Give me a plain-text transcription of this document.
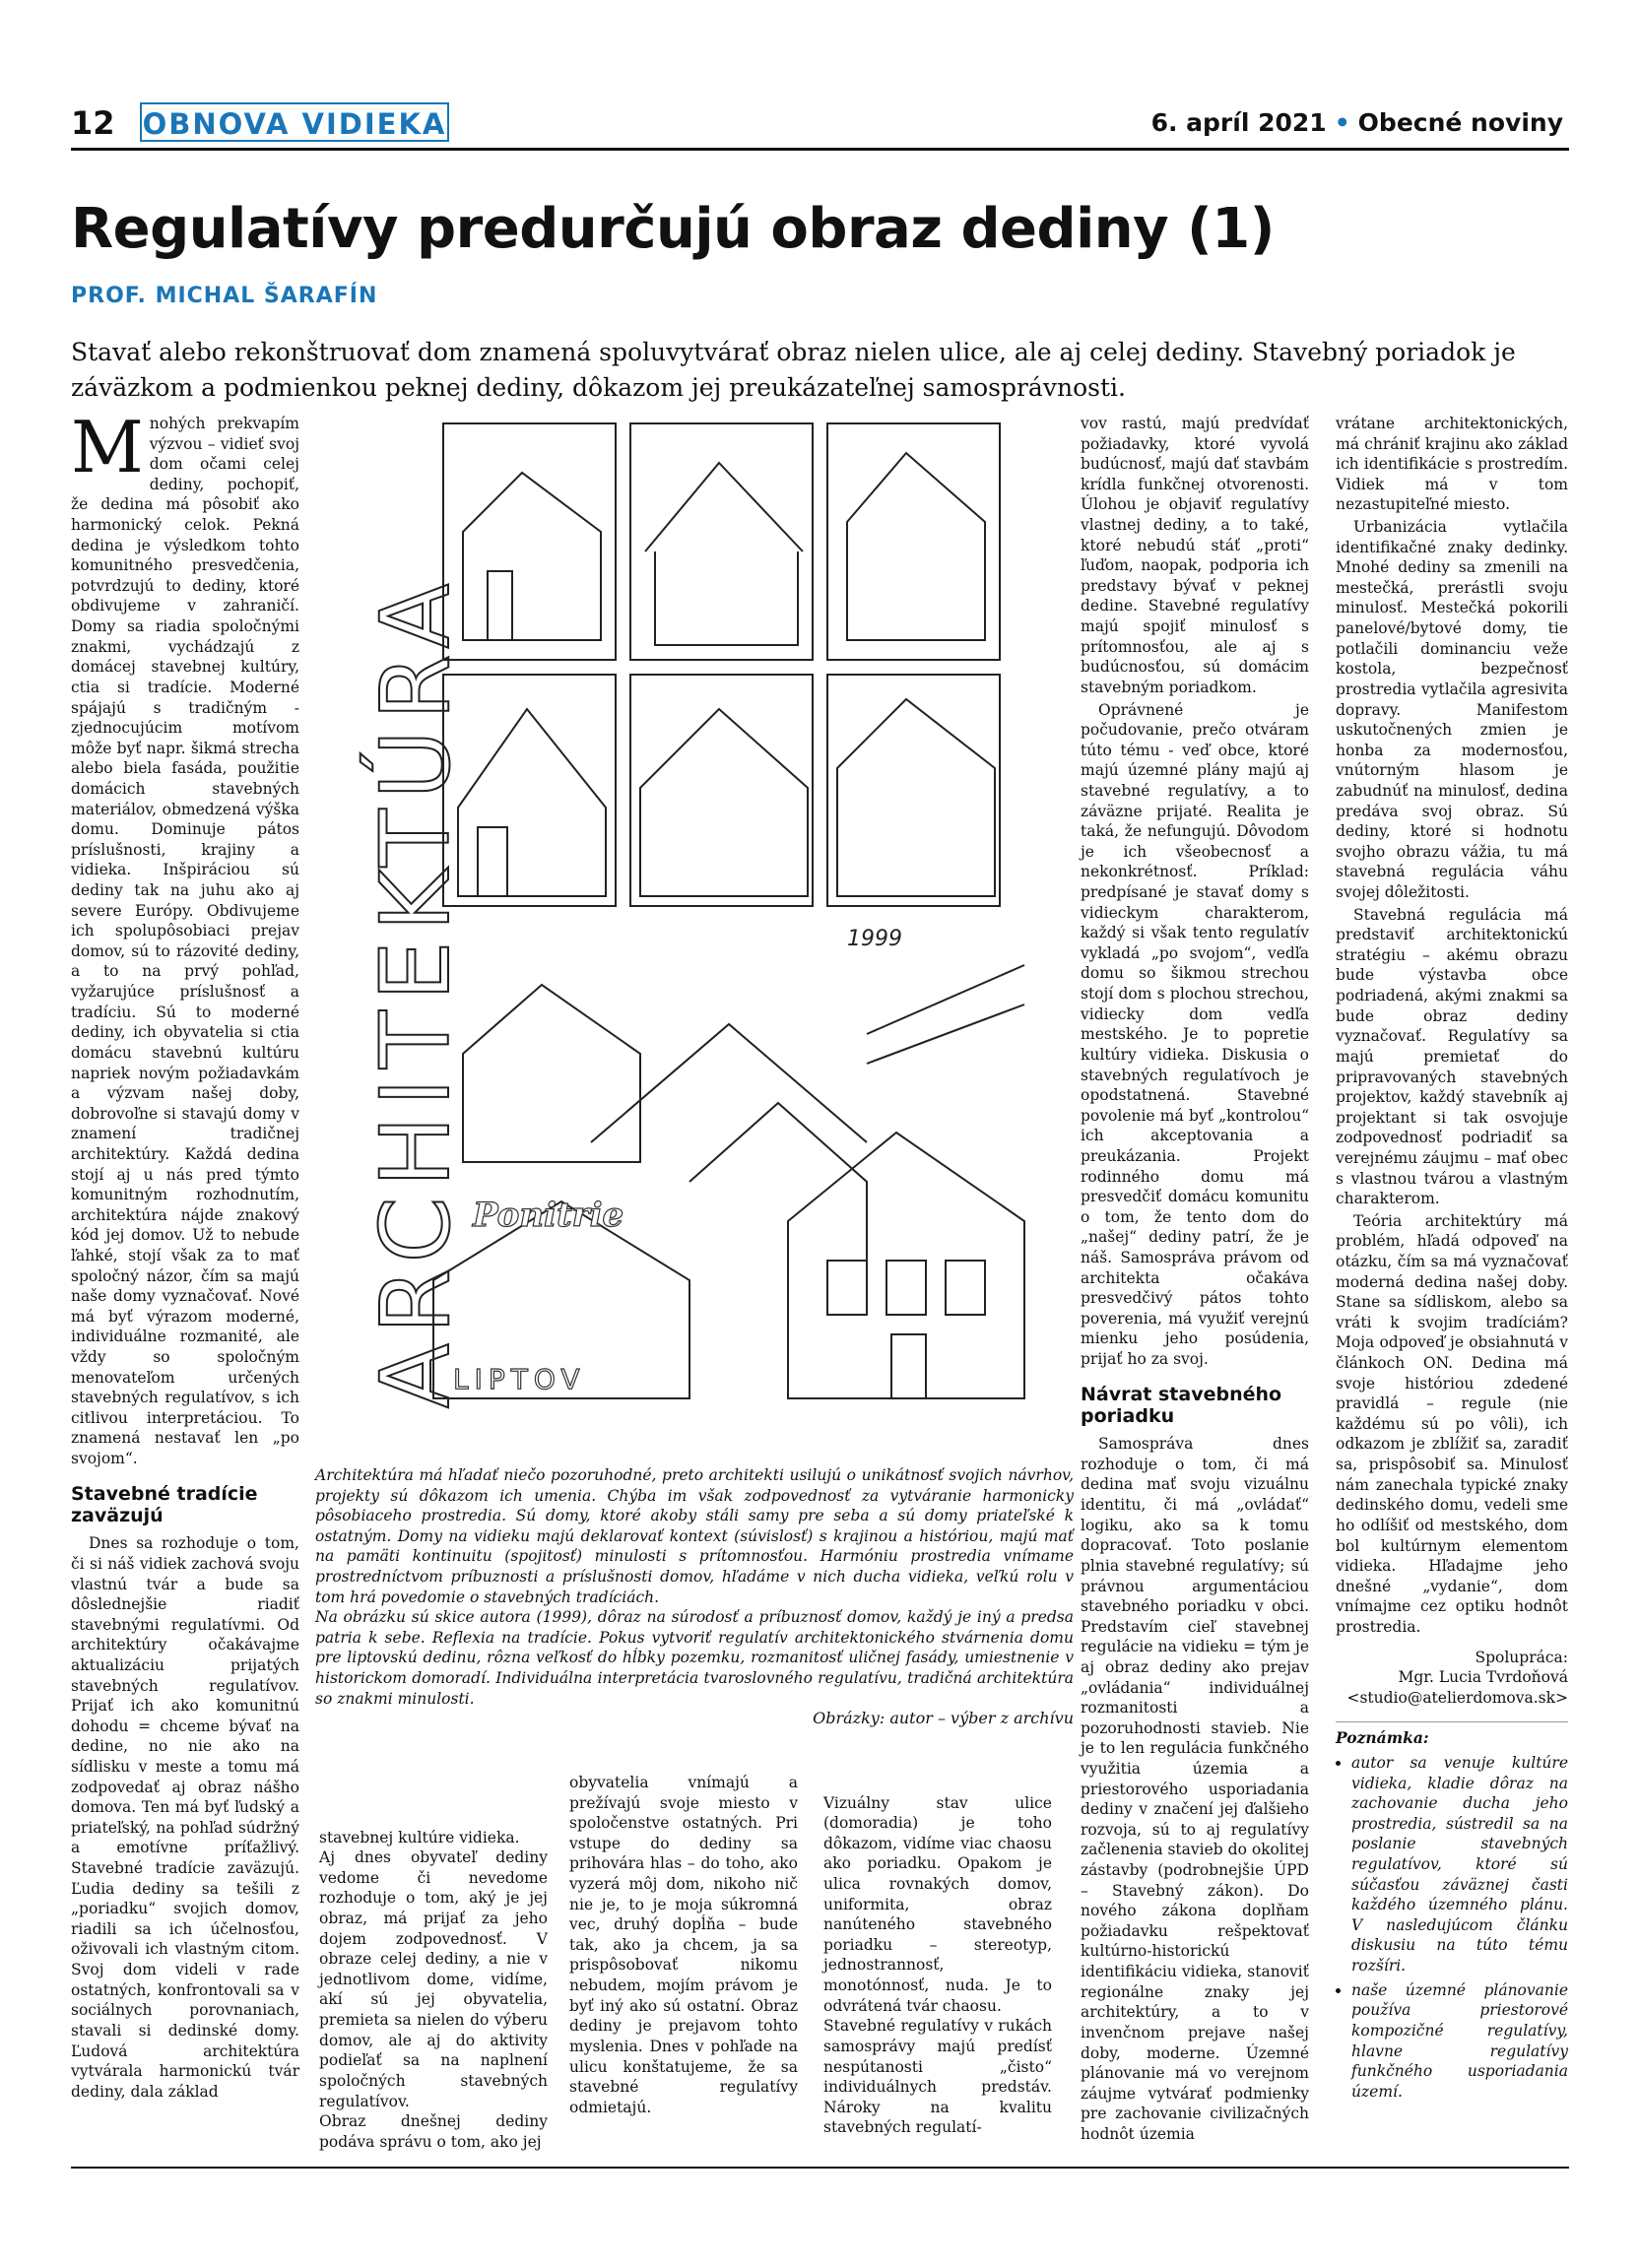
12 OBNOVA VIDIEKA	6. apríl 2021 • Obecné noviny
Regulatívy predurčujú obraz dediny (1)
PROF. MICHAL ŠARAFÍN
Stavať alebo rekonštruovať dom znamená spoluvytvárať obraz nielen ulice, ale aj celej dediny. Stavebný poriadok je záväzkom a podmienkou peknej dediny, dôkazom jej preukázateľnej samosprávnosti.

Mnohých prekvapím výzvou – vidieť svoj dom očami celej dediny, pochopiť, že dedina má pôsobiť ako harmonický celok. Pekná dedina je výsledkom tohto komunitného presvedčenia, potvrdzujú to dediny, ktoré obdivujeme v zahraničí. Domy sa riadia spoločnými znakmi, vychádzajú z domácej stavebnej kultúry, ctia si tradície. Moderné spájajú s tradičným - zjednocujúcim motívom môže byť napr. šikmá strecha alebo biela fasáda, použitie domácich stavebných materiálov, obmedzená výška domu. Dominuje pátos príslušnosti, krajiny a vidieka. Inšpiráciou sú dediny tak na juhu ako aj severe Európy. Obdivujeme ich spolupôsobiaci prejav domov, sú to rázovité dediny, a to na prvý pohľad, vyžarujúce príslušnosť a tradíciu. Sú to moderné dediny, ich obyvatelia si ctia domácu stavebnú kultúru napriek novým požiadavkám a výzvam našej doby, dobrovoľne si stavajú domy v znamení tradičnej architektúry. Každá dedina stojí aj u nás pred týmto komunitným rozhodnutím, architektúra nájde znakový kód jej domov. Už to nebude ľahké, stojí však za to mať spoločný názor, čím sa majú naše domy vyznačovať. Nové má byť výrazom moderné, individuálne rozmanité, ale vždy so spoločným menovateľom určených stavebných regulatívov, s ich citlivou interpretáciou. To znamená nestavať len „po svojom“.

Stavebné tradície zaväzujú

Dnes sa rozhoduje o tom, či si náš vidiek zachová svoju vlastnú tvár a bude sa dôslednejšie riadiť stavebnými regulatívmi. Od architektúry očakávajme aktualizáciu prijatých stavebných regulatívov. Prijať ich ako komunitnú dohodu = chceme bývať na dedine, no nie ako na sídlisku v meste a tomu má zodpovedať aj obraz nášho domova. Ten má byť ľudský a priateľský, na pohľad súdržný a emotívne príťažlivý. Stavebné tradície zaväzujú. Ľudia dediny sa tešili z „poriadku“ svojich domov, riadili sa ich účelnosťou, oživovali ich vlastným citom. Svoj dom videli v rade ostatných, konfrontovali sa v sociálnych porovnaniach, stavali si dedinské domy. Ľudová architektúra vytvárala harmonickú tvár dediny, dala základ

Ponitrie
LIPTOV
1999
ARCHITEKTÚRA
Architektúra má hľadať niečo pozoruhodné, preto architekti usilujú o unikátnosť svojich návrhov, projekty sú dôkazom ich umenia. Chýba im však zodpovednosť za vytváranie harmonicky pôsobiaceho prostredia. Sú domy, ktoré akoby stáli samy pre seba a sú domy priateľské k ostatným. Domy na vidieku majú deklarovať kontext (súvislosť) s krajinou a históriou, majú mať na pamäti kontinuitu (spojitosť) minulosti s prítomnosťou. Harmóniu prostredia vnímame prostredníctvom príbuznosti a príslušnosti domov, hľadáme v nich ducha vidieka, veľkú rolu v tom hrá povedomie o stavebných tradíciách.
Na obrázku sú skice autora (1999), dôraz na súrodosť a príbuznosť domov, každý je iný a predsa patria k sebe. Reflexia na tradície. Pokus vytvoriť regulatív architektonického stvárnenia domu pre liptovskú dedinu, rôzna veľkosť do hĺbky pozemku, rozmanitosť uličnej fasády, umiestnenie v historickom domoradí. Individuálna interpretácia tvaroslovného regulatívu, tradičná architektúra so znakmi minulosti.
Obrázky: autor – výber z archívu

stavebnej kultúre vidieka.
Aj dnes obyvateľ dediny vedome či nevedome rozhoduje o tom, aký je jej obraz, má prijať za jeho dojem zodpovednosť. V obraze celej dediny, a nie v jednotlivom dome, vidíme, akí sú jej obyvatelia, premieta sa nielen do výberu domov, ale aj do aktivity podieľať sa na naplnení spoločných stavebných regulatívov.
Obraz dnešnej dediny podáva správu o tom, ako jej

obyvatelia vnímajú a prežívajú svoje miesto v spoločenstve ostatných. Pri vstupe do dediny sa prihovára hlas – do toho, ako vyzerá môj dom, nikoho nič nie je, to je moja súkromná vec, druhý dopĺňa – bude tak, ako ja chcem, ja sa prispôsobovať nikomu nebudem, mojím právom je byť iný ako sú ostatní. Obraz dediny je prejavom tohto myslenia. Dnes v pohľade na ulicu konštatujeme, že sa stavebné regulatívy odmietajú.

Vizuálny stav ulice (domoradia) je toho dôkazom, vidíme viac chaosu ako poriadku. Opakom je ulica rovnakých domov, uniformita, obraz nanúteného stavebného poriadku – stereotyp, jednostrannosť, monotónnosť, nuda. Je to odvrátená tvár chaosu.
Stavebné regulatívy v rukách samosprávy majú predísť nespútanosti „čisto“ individuálnych predstáv. Nároky na kvalitu stavebných regulatí-

vov rastú, majú predvídať požiadavky, ktoré vyvolá budúcnosť, majú dať stavbám krídla funkčnej otvorenosti. Úlohou je objaviť regulatívy vlastnej dediny, a to také, ktoré nebudú stáť „proti“ ľuďom, naopak, podporia ich predstavy bývať v peknej dedine. Stavebné regulatívy majú spojiť minulosť s prítomnosťou, ale aj s budúcnosťou, sú domácim stavebným poriadkom.

Oprávnené je počudovanie, prečo otváram túto tému - veď obce, ktoré majú územné plány majú aj stavebné regulatívy, a to záväzne prijaté. Realita je taká, že nefungujú. Dôvodom je ich všeobecnosť a nekonkrétnosť. Príklad: predpísané je stavať domy s vidieckym charakterom, každý si však tento regulatív vykladá „po svojom“, vedľa domu so šikmou strechou stojí dom s plochou strechou, vidiecky dom vedľa mestského. Je to popretie kultúry vidieka. Diskusia o stavebných regulatívoch je opodstatnená. Stavebné povolenie má byť „kontrolou“ ich akceptovania a preukázania. Projekt rodinného domu má presvedčiť domácu komunitu o tom, že tento dom do „našej“ dediny patrí, že je náš. Samospráva právom od architekta očakáva presvedčivý pátos tohto poverenia, má využiť verejnú mienku jeho posúdenia, prijať ho za svoj.

Návrat stavebného poriadku

Samospráva dnes rozhoduje o tom, či má dedina mať svoju vizuálnu identitu, či má „ovládať“ logiku, ako sa k tomu dopracovať. Toto poslanie plnia stavebné regulatívy; sú právnou argumentáciou stavebného poriadku v obci. Predstavím cieľ stavebnej regulácie na vidieku = tým je aj obraz dediny ako prejav „ovládania“ individuálnej rozmanitosti a pozoruhodnosti stavieb. Nie je to len regulácia funkčného využitia územia a priestorového usporiadania dediny v značení jej ďalšieho rozvoja, sú to aj regulatívy začlenenia stavieb do okolitej zástavby (podrobnejšie ÚPD – Stavebný zákon). Do nového zákona doplňam požiadavku rešpektovať kultúrno-historickú identifikáciu vidieka, stanoviť regionálne znaky jej architektúry, a to v invenčnom prejave našej doby, moderne. Územné plánovanie má vo verejnom záujme vytvárať podmienky pre zachovanie civilizačných hodnôt územia

vrátane architektonických, má chrániť krajinu ako základ ich identifikácie s prostredím. Vidiek má v tom nezastupiteľné miesto.

Urbanizácia vytlačila identifikačné znaky dedinky. Mnohé dediny sa zmenili na mestečká, prerástli svoju minulosť. Mestečká pokorili panelové/bytové domy, tie potlačili dominanciu veže kostola, bezpečnosť prostredia vytlačila agresivita dopravy. Manifestom uskutočnených zmien je honba za modernosťou, vnútorným hlasom je zabudnúť na minulosť, dedina predáva svoj obraz. Sú dediny, ktoré si hodnotu svojho obrazu vážia, tu má stavebná regulácia váhu svojej dôležitosti.

Stavebná regulácia má predstaviť architektonickú stratégiu – akému obrazu bude výstavba obce podriadená, akými znakmi sa bude obraz dediny vyznačovať. Regulatívy sa majú premietať do pripravovaných stavebných projektov, každý stavebník aj projektant si tak osvojuje zodpovednosť podriadiť sa verejnému záujmu – mať obec s vlastnou tvárou a vlastným charakterom.

Teória architektúry má problém, hľadá odpoveď na otázku, čím sa má vyznačovať moderná dedina našej doby. Stane sa sídliskom, alebo sa vráti k svojim tradíciám? Moja odpoveď je obsiahnutá v článkoch ON. Dedina má svoje históriou zdedené pravidlá – regule (nie každému sú po vôli), ich odkazom je zblížiť sa, zaradiť sa, prispôsobiť sa. Minulosť nám zanechala typické znaky dedinského domu, vedeli sme ho odlíšiť od mestského, dom bol kultúrnym elementom vidieka. Hľadajme jeho dnešné „vydanie“, dom vnímajme cez optiku hodnôt prostredia.

Spolupráca:
Mgr. Lucia Tvrdoňová
<studio@atelierdomova.sk>
Poznámka:
• autor sa venuje kultúre vidieka, kladie dôraz na zachovanie ducha jeho prostredia, sústredil sa na poslanie stavebných regulatívov, ktoré sú súčasťou záväznej časti každého územného plánu. V nasledujúcom článku diskusiu na túto tému rozšíri.
• naše územné plánovanie používa priestorové kompozičné regulatívy, hlavne regulatívy funkčného usporiadania území.
